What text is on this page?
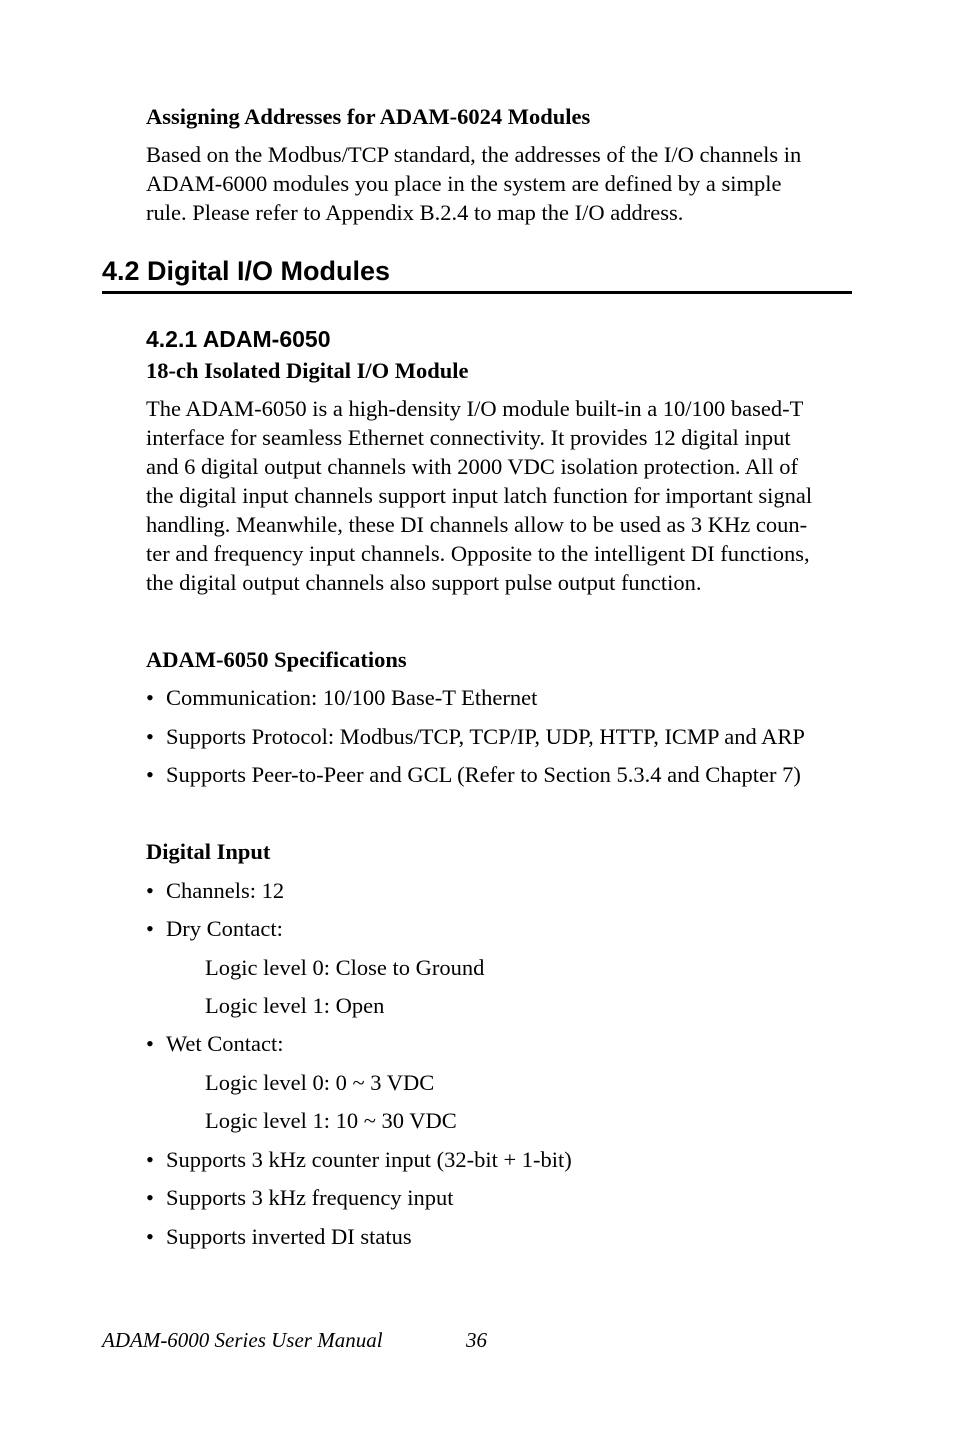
Assigning Addresses for ADAM-6024 Modules
Based on the Modbus/TCP standard, the addresses of the I/O channels in
ADAM-6000 modules you place in the system are defined by a simple
rule. Please refer to Appendix B.2.4 to map the I/O address.
4.2 Digital I/O Modules
4.2.1 ADAM-6050
18-ch Isolated Digital I/O Module
The ADAM-6050 is a high-density I/O module built-in a 10/100 based-T
interface for seamless Ethernet connectivity. It provides 12 digital input
and 6 digital output channels with 2000 VDC isolation protection. All of
the digital input channels support input latch function for important signal
handling. Meanwhile, these DI channels allow to be used as 3 KHz coun-
ter and frequency input channels. Opposite to the intelligent DI functions,
the digital output channels also support pulse output function.
ADAM-6050 Specifications
• Communication: 10/100 Base-T Ethernet
• Supports Protocol: Modbus/TCP, TCP/IP, UDP, HTTP, ICMP and ARP
• Supports Peer-to-Peer and GCL (Refer to Section 5.3.4 and Chapter 7)
Digital Input
• Channels: 12
• Dry Contact:
Logic level 0: Close to Ground
Logic level 1: Open
• Wet Contact:
Logic level 0: 0 ~ 3 VDC
Logic level 1: 10 ~ 30 VDC
• Supports 3 kHz counter input (32-bit + 1-bit)
• Supports 3 kHz frequency input
• Supports inverted DI status
ADAM-6000 Series User Manual	36
